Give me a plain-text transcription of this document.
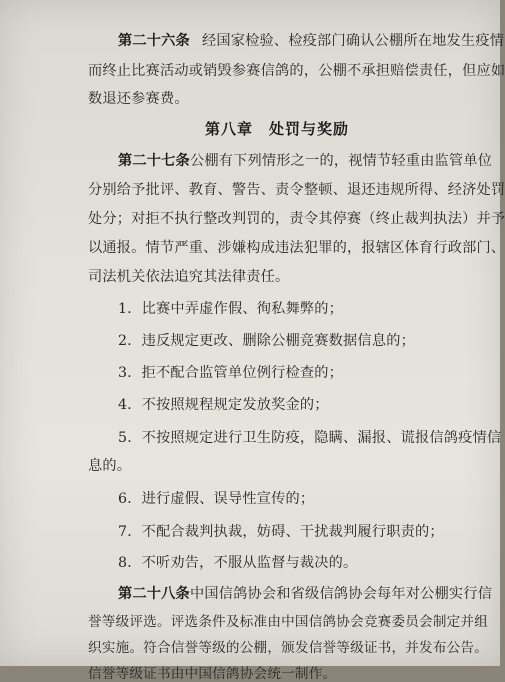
第二十六条 经国家检验、检疫部门确认公棚所在地发生疫情
而终止比赛活动或销毁参赛信鸽的，公棚不承担赔偿责任，但应如
数退还参赛费。
第八章　处罚与奖励
第二十七条公棚有下列情形之一的，视情节轻重由监管单位
分别给予批评、教育、警告、责令整顿、退还违规所得、经济处罚
处分；对拒不执行整改判罚的，责令其停赛（终止裁判执法）并予
以通报。情节严重、涉嫌构成违法犯罪的，报辖区体育行政部门、
司法机关依法追究其法律责任。
1．比赛中弄虚作假、徇私舞弊的；
2．违反规定更改、删除公棚竞赛数据信息的；
3．拒不配合监管单位例行检查的；
4．不按照规程规定发放奖金的；
5．不按照规定进行卫生防疫，隐瞒、漏报、谎报信鸽疫情信
息的。
6．进行虚假、误导性宣传的；
7．不配合裁判执裁，妨碍、干扰裁判履行职责的；
8．不听劝告，不服从监督与裁决的。
第二十八条中国信鸽协会和省级信鸽协会每年对公棚实行信
誉等级评选。评选条件及标准由中国信鸽协会竞赛委员会制定并组
织实施。符合信誉等级的公棚，颁发信誉等级证书，并发布公告。
信誉等级证书由中国信鸽协会统一制作。
